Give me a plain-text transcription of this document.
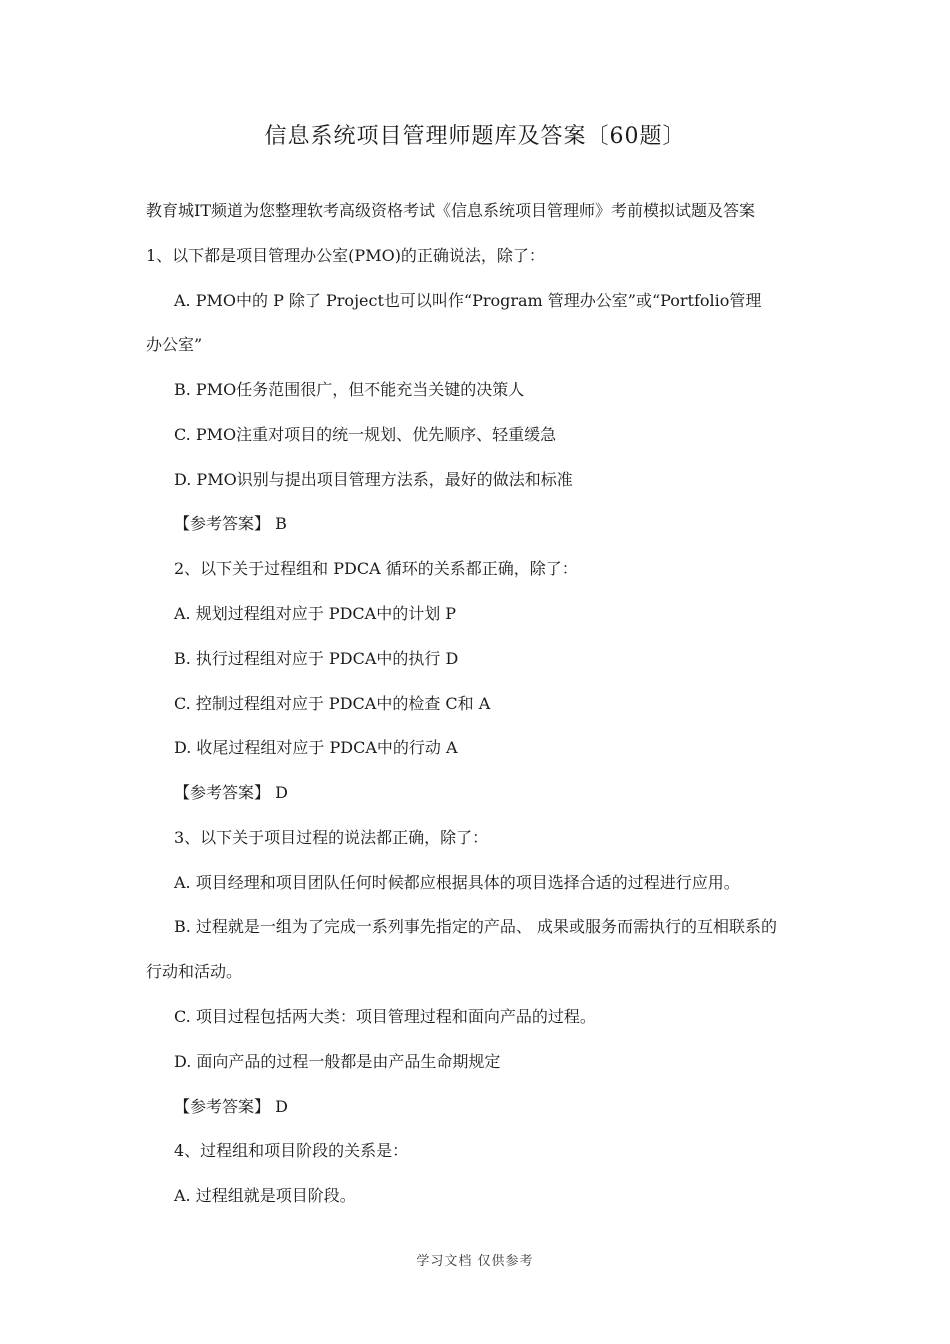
信息系统项目管理师题库及答案〔60题〕
教育城IT频道为您整理软考高级资格考试《信息系统项目管理师》考前模拟试题及答案
1、以下都是项目管理办公室(PMO)的正确说法，除了：
A. PMO中的 P 除了 Project也可以叫作“Program 管理办公室”或“Portfolio管理
办公室”
B. PMO任务范围很广，但不能充当关键的决策人
C. PMO注重对项目的统一规划、优先顺序、轻重缓急
D. PMO识别与提出项目管理方法系，最好的做法和标准
【参考答案】 B
2、以下关于过程组和 PDCA 循环的关系都正确，除了：
A. 规划过程组对应于 PDCA中的计划 P
B. 执行过程组对应于 PDCA中的执行 D
C. 控制过程组对应于 PDCA中的检查 C和 A
D. 收尾过程组对应于 PDCA中的行动 A
【参考答案】 D
3、以下关于项目过程的说法都正确，除了：
A. 项目经理和项目团队任何时候都应根据具体的项目选择合适的过程进行应用。
B. 过程就是一组为了完成一系列事先指定的产品、 成果或服务而需执行的互相联系的
行动和活动。
C. 项目过程包括两大类：项目管理过程和面向产品的过程。
D. 面向产品的过程一般都是由产品生命期规定
【参考答案】 D
4、过程组和项目阶段的关系是：
A. 过程组就是项目阶段。
学习文档 仅供参考
